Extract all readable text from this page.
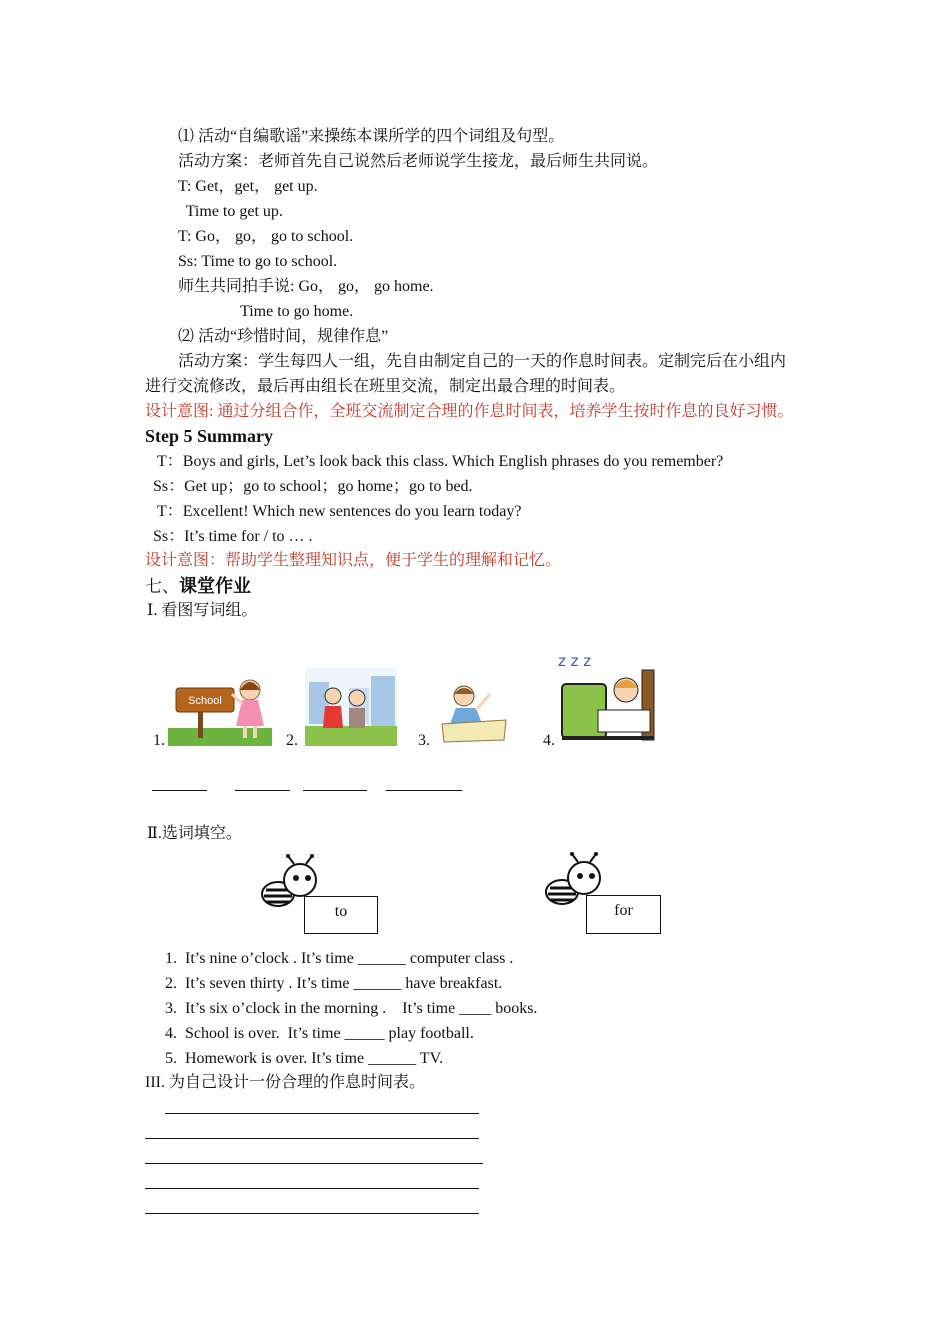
⑴ 活动“自编歌谣”来操练本课所学的四个词组及句型。
活动方案：老师首先自己说然后老师说学生接龙，最后师生共同说。
T: Get，get， get up.
Time to get up.
T: Go， go， go to school.
Ss: Time to go to school.
师生共同拍手说: Go， go， go home.
Time to go home.
⑵ 活动“珍惜时间，规律作息”
活动方案：学生每四人一组，先自由制定自己的一天的作息时间表。定制完后在小组内
进行交流修改，最后再由组长在班里交流，制定出最合理的时间表。
设计意图: 通过分组合作，全班交流制定合理的作息时间表，培养学生按时作息的良好习惯。
Step 5 Summary
T：Boys and girls, Let’s look back this class. Which English phrases do you remember?
Ss：Get up；go to school；go home；go to bed.
T：Excellent! Which new sentences do you learn today?
Ss：It’s time for / to … .
设计意图：帮助学生整理知识点，便于学生的理解和记忆。
七、课堂作业
Ⅰ. 看图写词组。
1.
School
2.	3.	4.
z z z
Ⅱ.选词填空。
to	for
1.  It’s nine o’clock . It’s time ______ computer class .
2.  It’s seven thirty . It’s time ______ have breakfast.
3.  It’s six o’clock in the morning .    It’s time ____ books.
4.  School is over.  It’s time _____ play football.
5.  Homework is over. It’s time ______ TV.
III. 为自己设计一份合理的作息时间表。
